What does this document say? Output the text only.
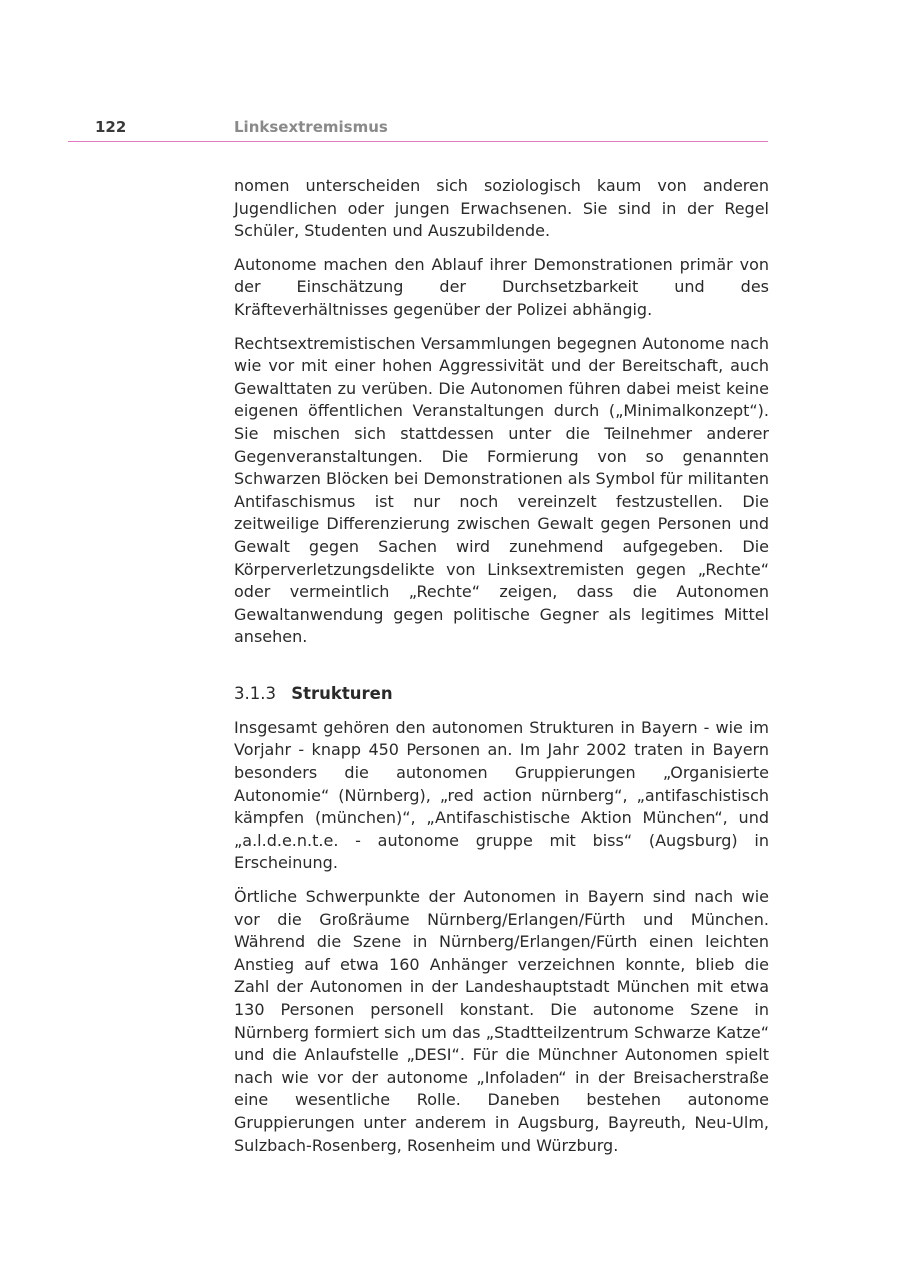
122	Linksextremismus

nomen unterscheiden sich soziologisch kaum von anderen Jugendlichen oder jungen Erwachsenen. Sie sind in der Regel Schüler, Studenten und Auszubildende.

Autonome machen den Ablauf ihrer Demonstrationen primär von der Einschätzung der Durchsetzbarkeit und des Kräfteverhältnisses gegenüber der Polizei abhängig.

Rechtsextremistischen Versammlungen begegnen Autonome nach wie vor mit einer hohen Aggressivität und der Bereitschaft, auch Gewalttaten zu verüben. Die Autonomen führen dabei meist keine eigenen öffentlichen Veranstaltungen durch („Minimalkonzept“). Sie mischen sich stattdessen unter die Teilnehmer anderer Gegenveranstaltungen. Die Formierung von so genannten Schwarzen Blöcken bei Demonstrationen als Symbol für militanten Antifaschismus ist nur noch vereinzelt festzustellen. Die zeitweilige Differenzierung zwischen Gewalt gegen Personen und Gewalt gegen Sachen wird zunehmend aufgegeben. Die Körperverletzungsdelikte von Linksextremisten gegen „Rechte“ oder vermeintlich „Rechte“ zeigen, dass die Autonomen Gewaltanwendung gegen politische Gegner als legitimes Mittel ansehen.

3.1.3 Strukturen

Insgesamt gehören den autonomen Strukturen in Bayern - wie im Vorjahr - knapp 450 Personen an. Im Jahr 2002 traten in Bayern besonders die autonomen Gruppierungen „Organisierte Autonomie“ (Nürnberg), „red action nürnberg“, „antifaschistisch kämpfen (münchen)“, „Antifaschistische Aktion München“, und „a.l.d.e.n.t.e. - autonome gruppe mit biss“ (Augsburg) in Erscheinung.

Örtliche Schwerpunkte der Autonomen in Bayern sind nach wie vor die Großräume Nürnberg/Erlangen/Fürth und München. Während die Szene in Nürnberg/Erlangen/Fürth einen leichten Anstieg auf etwa 160 Anhänger verzeichnen konnte, blieb die Zahl der Autonomen in der Landeshauptstadt München mit etwa 130 Personen personell konstant. Die autonome Szene in Nürnberg formiert sich um das „Stadtteilzentrum Schwarze Katze“ und die Anlaufstelle „DESI“. Für die Münchner Autonomen spielt nach wie vor der autonome „Infoladen“ in der Breisacherstraße eine wesentliche Rolle. Daneben bestehen autonome Gruppierungen unter anderem in Augsburg, Bayreuth, Neu-Ulm, Sulzbach-Rosenberg, Rosenheim und Würzburg.
